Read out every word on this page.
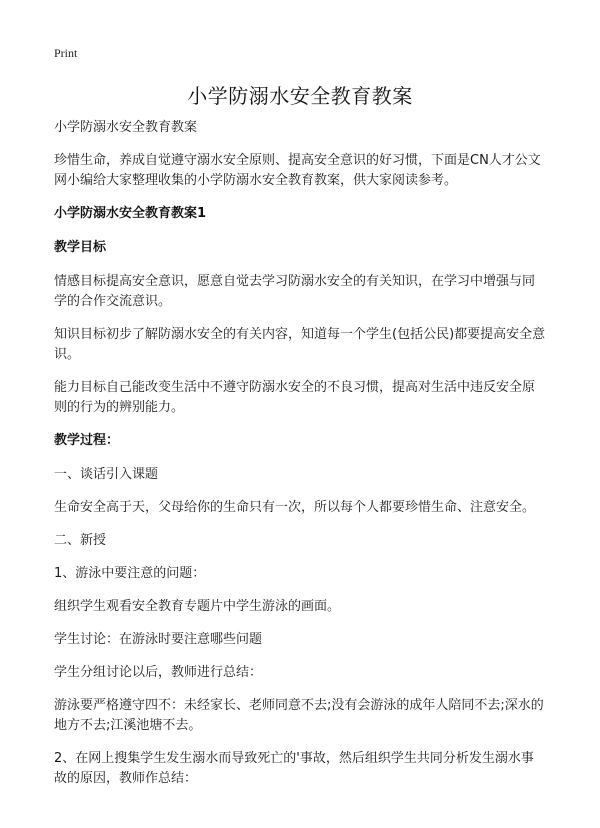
Print
小学防溺水安全教育教案

小学防溺水安全教育教案

珍惜生命，养成自觉遵守溺水安全原则、提高安全意识的好习惯，下面是CN人才公文网小编给大家整理收集的小学防溺水安全教育教案，供大家阅读参考。

小学防溺水安全教育教案1

教学目标

情感目标提高安全意识，愿意自觉去学习防溺水安全的有关知识，在学习中增强与同学的合作交流意识。

知识目标初步了解防溺水安全的有关内容，知道每一个学生(包括公民)都要提高安全意识。

能力目标自己能改变生活中不遵守防溺水安全的不良习惯，提高对生活中违反安全原则的行为的辨别能力。

教学过程：

一、谈话引入课题

生命安全高于天，父母给你的生命只有一次，所以每个人都要珍惜生命、注意安全。

二、新授

1、游泳中要注意的问题：

组织学生观看安全教育专题片中学生游泳的画面。

学生讨论：在游泳时要注意哪些问题

学生分组讨论以后，教师进行总结：

游泳要严格遵守四不：未经家长、老师同意不去;没有会游泳的成年人陪同不去;深水的地方不去;江溪池塘不去。

2、在网上搜集学生发生溺水而导致死亡的'事故，然后组织学生共同分析发生溺水事故的原因，教师作总结：
